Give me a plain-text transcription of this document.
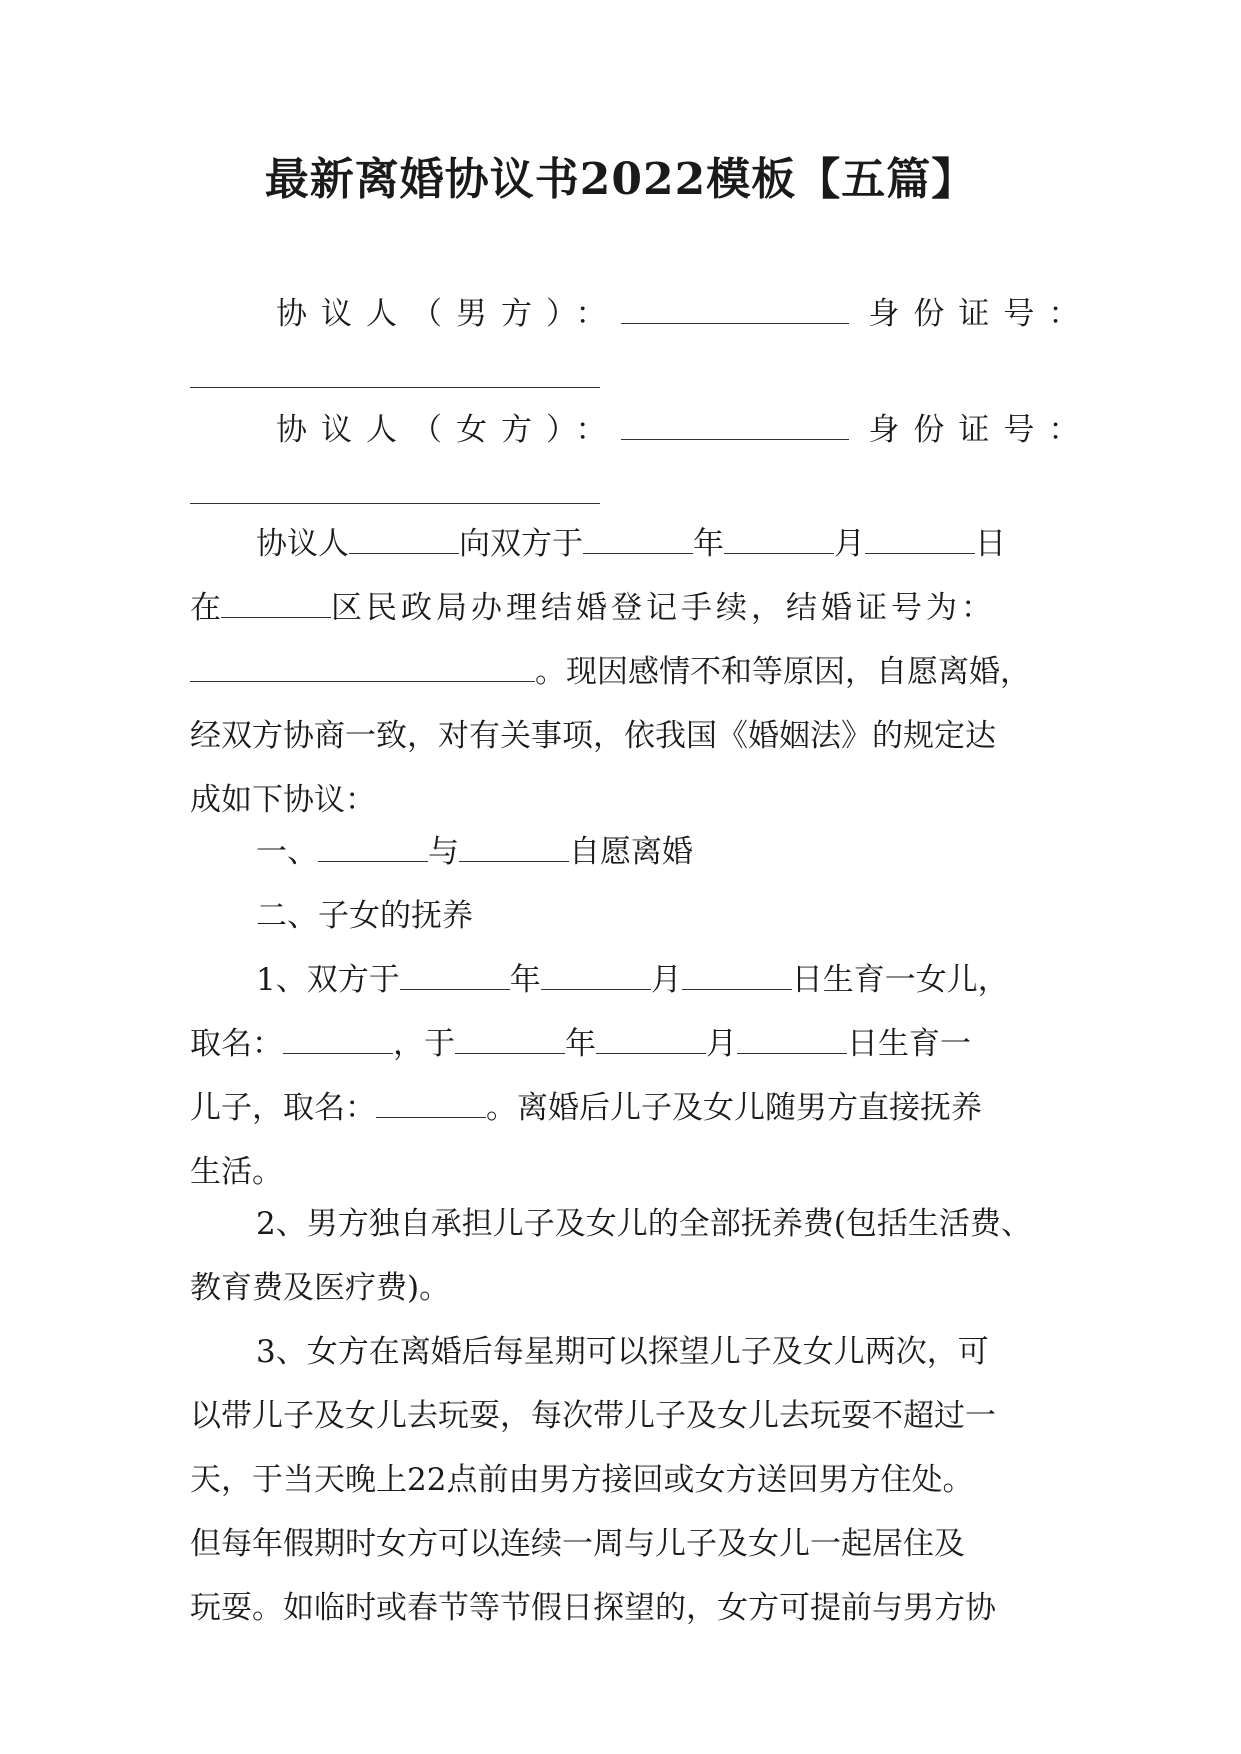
最新离婚协议书2022模板【五篇】
协议人（男方）：	身份证号：
协议人（女方）：	身份证号：
协议人	向双方于	年	月	日
在	区民政局办理结婚登记手续，结婚证号为：
。现因感情不和等原因，自愿离婚，
经双方协商一致，对有关事项，依我国《婚姻法》的规定达
成如下协议：
一、	与	自愿离婚
二、子女的抚养
1、双方于	年	月	日生育一女儿，
取名：	，于	年	月	日生育一
儿子，取名：	。离婚后儿子及女儿随男方直接抚养
生活。
2、男方独自承担儿子及女儿的全部抚养费(包括生活费、
教育费及医疗费)。
3、女方在离婚后每星期可以探望儿子及女儿两次，可
以带儿子及女儿去玩耍，每次带儿子及女儿去玩耍不超过一
天，于当天晚上22点前由男方接回或女方送回男方住处。
但每年假期时女方可以连续一周与儿子及女儿一起居住及
玩耍。如临时或春节等节假日探望的，女方可提前与男方协
